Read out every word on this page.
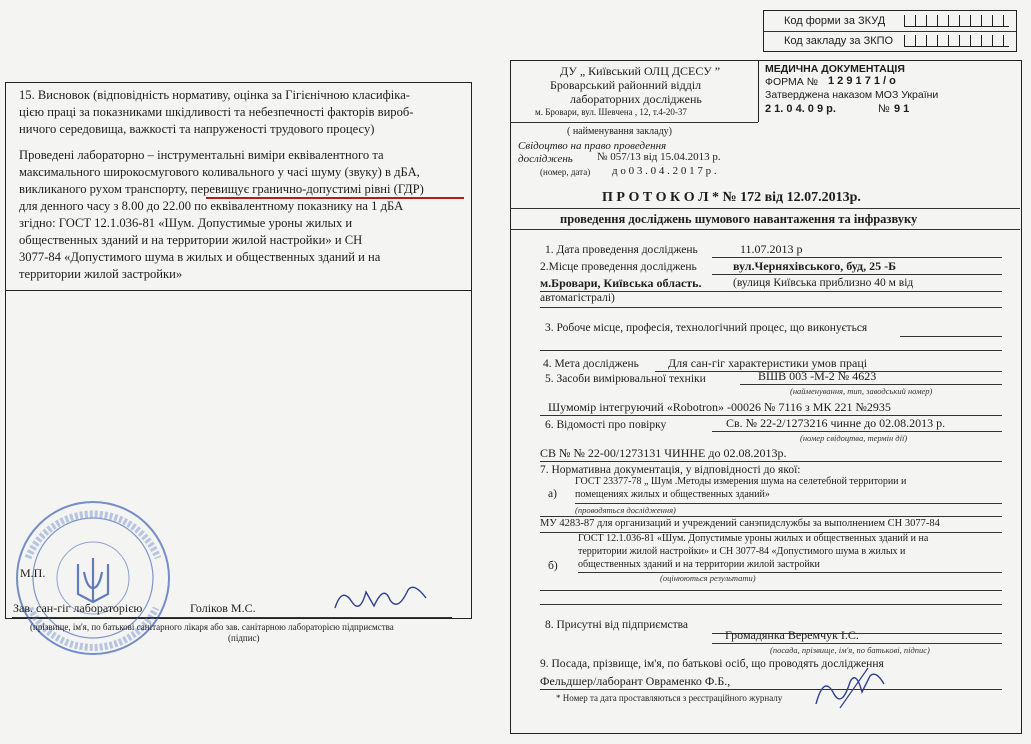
Код форми за ЗКУД
Код закладу за ЗКПО
15. Висновок (відповідність нормативу, оцінка за Гігієнічною класифіка-
цією праці за показниками шкідливості та небезпечності факторів вироб-
ничого середовища, важкості та напруженості трудового процесу)
Проведені лабораторно – інструментальні виміри еквівалентного та
максимального широкосмугового коливального у часі шуму (звуку) в дБА,
викликаного рухом транспорту, перевищує гранично-допустимі рівні (ГДР)
для денного часу з 8.00 до 22.00 по еквівалентному показнику на 1 дБА
згідно: ГОСТ 12.1.036-81 «Шум. Допустимые уроны жилых и
общественных зданий и на территории жилой настройки» и СН
3077-84 «Допустимого шума в жилых и общественных зданий и на
территории жилой застройки»
М.П.
Зав. сан-гіг лабораторією	Голіков М.С.
(прізвище, ім'я, по батькові санітарного лікаря або зав. санітарною лабораторією підприємства
(підпис)
ДУ „ Київський ОЛЦ ДСЕСУ ”
Броварський районний відділ
лабораторних досліджень
м. Бровари, вул. Шевчена , 12, т.4-20-37
( найменування закладу)
МЕДИЧНА ДОКУМЕНТАЦІЯ
ФОРМА № 1 2 9 1 7 1 / о
Затверджена наказом МОЗ України
2 1. 0 4. 0 9 р.	№ 9 1
Свідоцтво на право проведення
досліджень № 057/13 від 15.04.2013 р.
д о 0 3 . 0 4 . 2 0 1 7 р .
(номер, дата)
П Р О Т О К О Л * № 172 від 12.07.2013р.
проведення досліджень шумового навантаження та інфразвуку
1. Дата проведення досліджень	11.07.2013 р
2.Місце проведення досліджень	вул.Черняхівського, буд, 25 -Б
м.Бровари, Київська область.	(вулиця Київська приблизно 40 м від
автомагістралі)
3. Робоче місце, професія, технологічний процес, що виконується
4. Мета досліджень Для сан-гіг характеристики умов праці
5. Засоби вимірювальної техніки	ВШВ 003 -М-2 № 4623
(найменування, тип, заводський номер)
Шумомір інтегруючий «Robotron» -00026 № 7116 з МК 221 №2935
6. Відомості про повірку	Св. № 22-2/1273216 чинне до 02.08.2013 р.
(номер свідоцтва, термін дії)
СВ № № 22-00/1273131 ЧИННЕ до 02.08.2013р.
7. Нормативна документація, у відповідності до якої:
а)
ГОСТ 23377-78 „ Шум .Методы измерения шума на селетебной территории и
помещениях жилых и общественных зданий»
(проводяться дослідження)
МУ 4283-87 для организаций и учреждений санэпидслужбы за выполнением СН 3077-84
ГОСТ 12.1.036-81 «Шум. Допустимые уроны жилых и общественных зданий и на
территории жилой настройки» и СН 3077-84 «Допустимого шума в жилых и
б) общественных зданий и на территории жилой застройки
(оцінюються результати)
8. Присутні від підприємства
Громадянка Веремчук І.С.
(посада, прізвище, ім'я, по батькові, підпис)
9. Посада, прізвище, ім'я, по батькові осіб, що проводять дослідження
Фельдшер/лаборант Овраменко Ф.Б.,
* Номер та дата проставляються з реєстраційного журналу
